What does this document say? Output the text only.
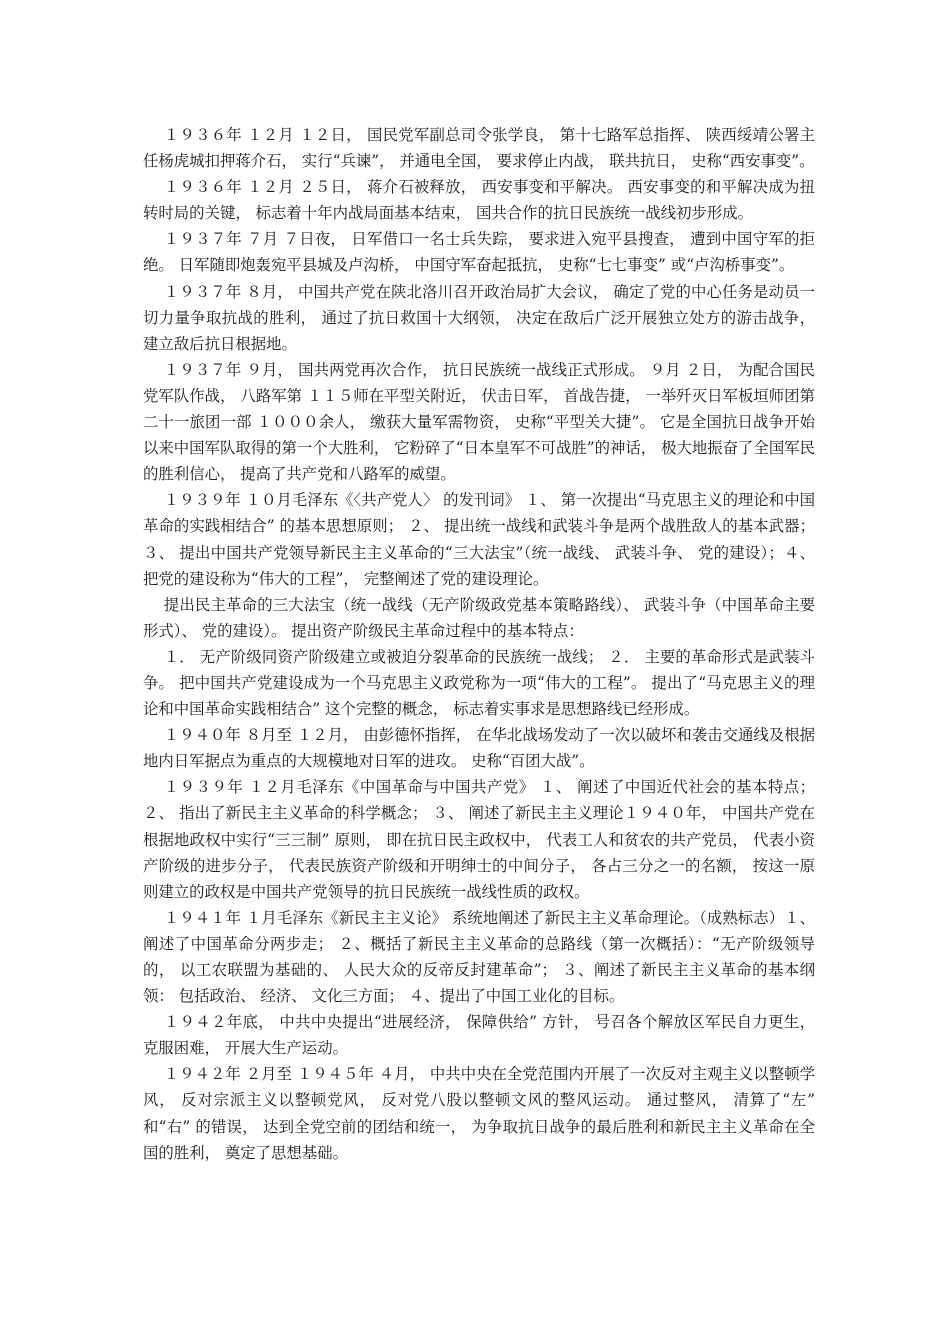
１９３６年 １２月 １２日， 国民党军副总司令张学良， 第十七路军总指挥、 陕西绥靖公署主任杨虎城扣押蒋介石， 实行“兵谏”， 并通电全国， 要求停止内战， 联共抗日， 史称“西安事变”。

１９３６年 １２月 ２５日， 蒋介石被释放， 西安事变和平解决。 西安事变的和平解决成为扭转时局的关键， 标志着十年内战局面基本结束， 国共合作的抗日民族统一战线初步形成。

１９３７年 ７月 ７日夜， 日军借口一名士兵失踪， 要求进入宛平县搜查， 遭到中国守军的拒绝。 日军随即炮轰宛平县城及卢沟桥， 中国守军奋起抵抗， 史称“七七事变” 或“卢沟桥事变”。

１９３７年 ８月， 中国共产党在陕北洛川召开政治局扩大会议， 确定了党的中心任务是动员一切力量争取抗战的胜利， 通过了抗日救国十大纲领， 决定在敌后广泛开展独立处方的游击战争， 建立敌后抗日根据地。

１９３７年 ９月， 国共两党再次合作， 抗日民族统一战线正式形成。 ９月 ２日， 为配合国民党军队作战， 八路军第 １１５师在平型关附近， 伏击日军， 首战告捷， 一举歼灭日军板垣师团第二十一旅团一部 １０００余人， 缴获大量军需物资， 史称“平型关大捷”。 它是全国抗日战争开始以来中国军队取得的第一个大胜利， 它粉碎了“日本皇军不可战胜”的神话， 极大地振奋了全国军民的胜利信心， 提高了共产党和八路军的威望。

１９３９年 １０月毛泽东《〈共产党人〉 的发刊词》 １、 第一次提出“马克思主义的理论和中国革命的实践相结合” 的基本思想原则； ２、 提出统一战线和武装斗争是两个战胜敌人的基本武器； ３、 提出中国共产党领导新民主主义革命的“三大法宝”（统一战线、 武装斗争、 党的建设）；４、 把党的建设称为“伟大的工程”， 完整阐述了党的建设理论。

提出民主革命的三大法宝（统一战线（无产阶级政党基本策略路线）、 武装斗争（中国革命主要形式）、 党的建设）。 提出资产阶级民主革命过程中的基本特点：

１． 无产阶级同资产阶级建立或被迫分裂革命的民族统一战线； ２． 主要的革命形式是武装斗争。 把中国共产党建设成为一个马克思主义政党称为一项“伟大的工程”。 提出了“马克思主义的理论和中国革命实践相结合” 这个完整的概念， 标志着实事求是思想路线已经形成。

１９４０年 ８月至 １２月， 由彭德怀指挥， 在华北战场发动了一次以破坏和袭击交通线及根据地内日军据点为重点的大规模地对日军的进攻。 史称“百团大战”。

１９３９年 １２月毛泽东《中国革命与中国共产党》 １、 阐述了中国近代社会的基本特点；２、 指出了新民主主义革命的科学概念； ３、 阐述了新民主主义理论１９４０年， 中国共产党在根据地政权中实行“三三制” 原则， 即在抗日民主政权中， 代表工人和贫农的共产党员， 代表小资产阶级的进步分子， 代表民族资产阶级和开明绅士的中间分子， 各占三分之一的名额， 按这一原则建立的政权是中国共产党领导的抗日民族统一战线性质的政权。

１９４１年 １月毛泽东《新民主主义论》 系统地阐述了新民主主义革命理论。（成熟标志）１、阐述了中国革命分两步走； ２、概括了新民主主义革命的总路线（第一次概括）：“无产阶级领导的， 以工农联盟为基础的、 人民大众的反帝反封建革命”； ３、阐述了新民主主义革命的基本纲领： 包括政治、 经济、 文化三方面； ４、提出了中国工业化的目标。

１９４２年底， 中共中央提出“进展经济， 保障供给” 方针， 号召各个解放区军民自力更生， 克服困难， 开展大生产运动。

１９４２年 ２月至 １９４５年 ４月， 中共中央在全党范围内开展了一次反对主观主义以整顿学风， 反对宗派主义以整顿党风， 反对党八股以整顿文风的整风运动。 通过整风， 清算了“左” 和“右” 的错误， 达到全党空前的团结和统一， 为争取抗日战争的最后胜利和新民主主义革命在全国的胜利， 奠定了思想基础。
